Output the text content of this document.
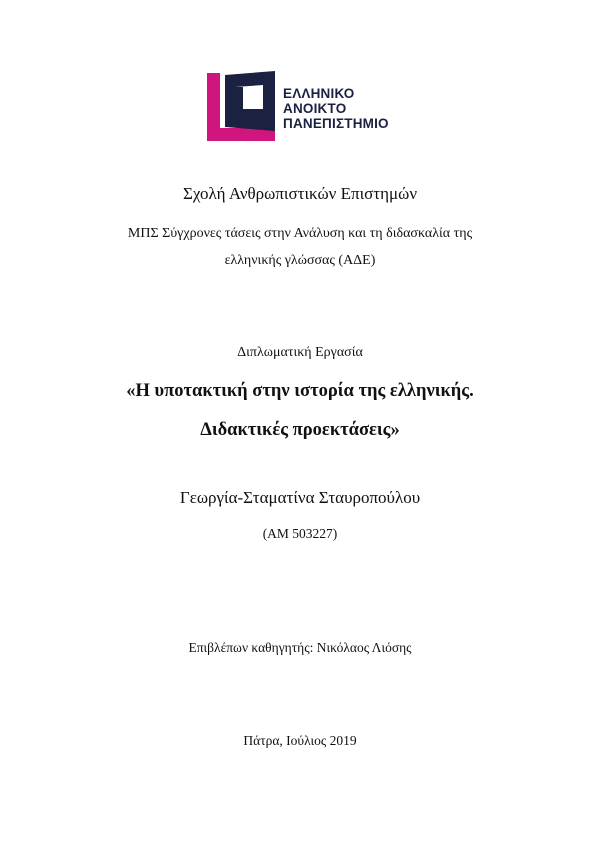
ΕΛΛΗΝΙΚΟ
ΑΝΟΙΚΤΟ
ΠΑΝΕΠΙΣΤΗΜΙΟ
Σχολή Ανθρωπιστικών Επιστημών
ΜΠΣ Σύγχρονες τάσεις στην Ανάλυση και τη διδασκαλία της
ελληνικής γλώσσας (ΑΔΕ)
Διπλωματική Εργασία
«Η υποτακτική στην ιστορία της ελληνικής.
Διδακτικές προεκτάσεις»
Γεωργία-Σταματίνα Σταυροπούλου
(ΑΜ 503227)
Επιβλέπων καθηγητής: Νικόλαος Λιόσης
Πάτρα, Ιούλιος 2019
